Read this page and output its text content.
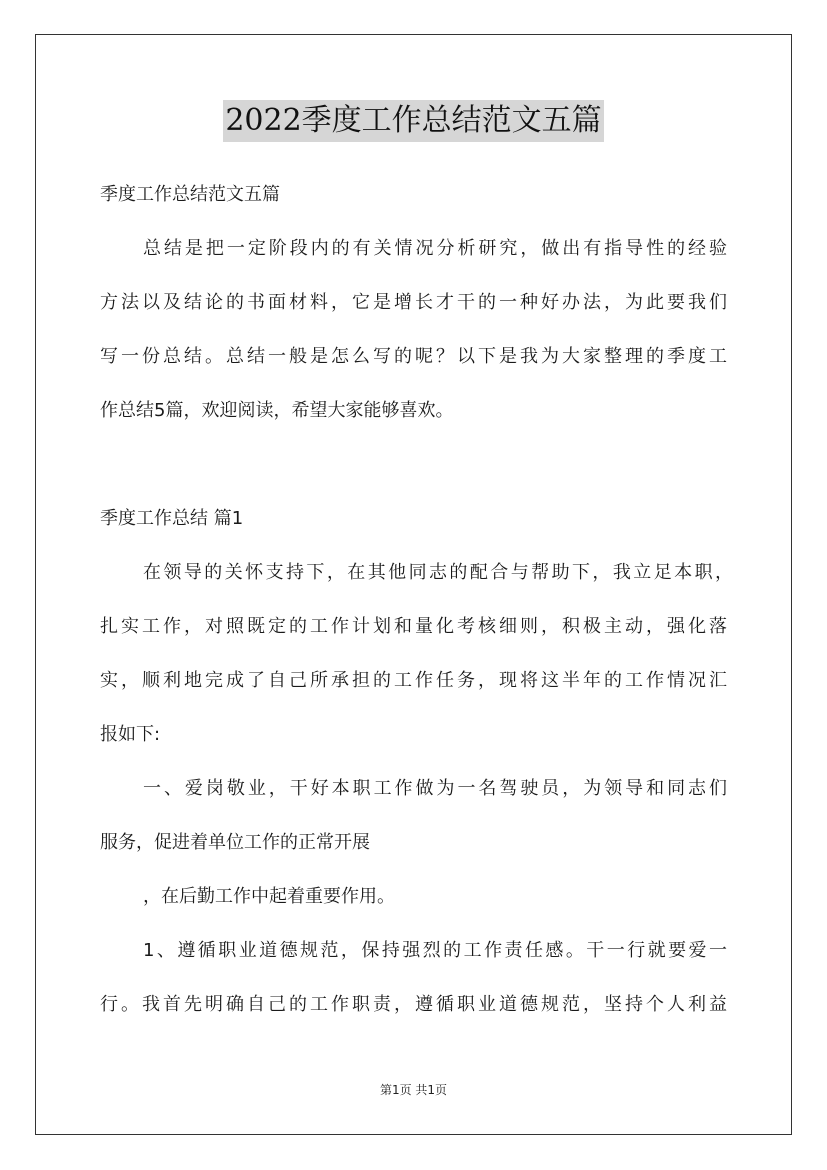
2022季度工作总结范文五篇
季度工作总结范文五篇
总结是把一定阶段内的有关情况分析研究，做出有指导性的经验
方法以及结论的书面材料，它是增长才干的一种好办法，为此要我们
写一份总结。总结一般是怎么写的呢？以下是我为大家整理的季度工
作总结5篇，欢迎阅读，希望大家能够喜欢。
季度工作总结 篇1
在领导的关怀支持下，在其他同志的配合与帮助下，我立足本职，
扎实工作，对照既定的工作计划和量化考核细则，积极主动，强化落
实，顺利地完成了自己所承担的工作任务，现将这半年的工作情况汇
报如下:
一、爱岗敬业，干好本职工作做为一名驾驶员，为领导和同志们
服务，促进着单位工作的正常开展
，在后勤工作中起着重要作用。
1、遵循职业道德规范，保持强烈的工作责任感。干一行就要爱一
行。我首先明确自己的工作职责，遵循职业道德规范，坚持个人利益
第1页 共1页
